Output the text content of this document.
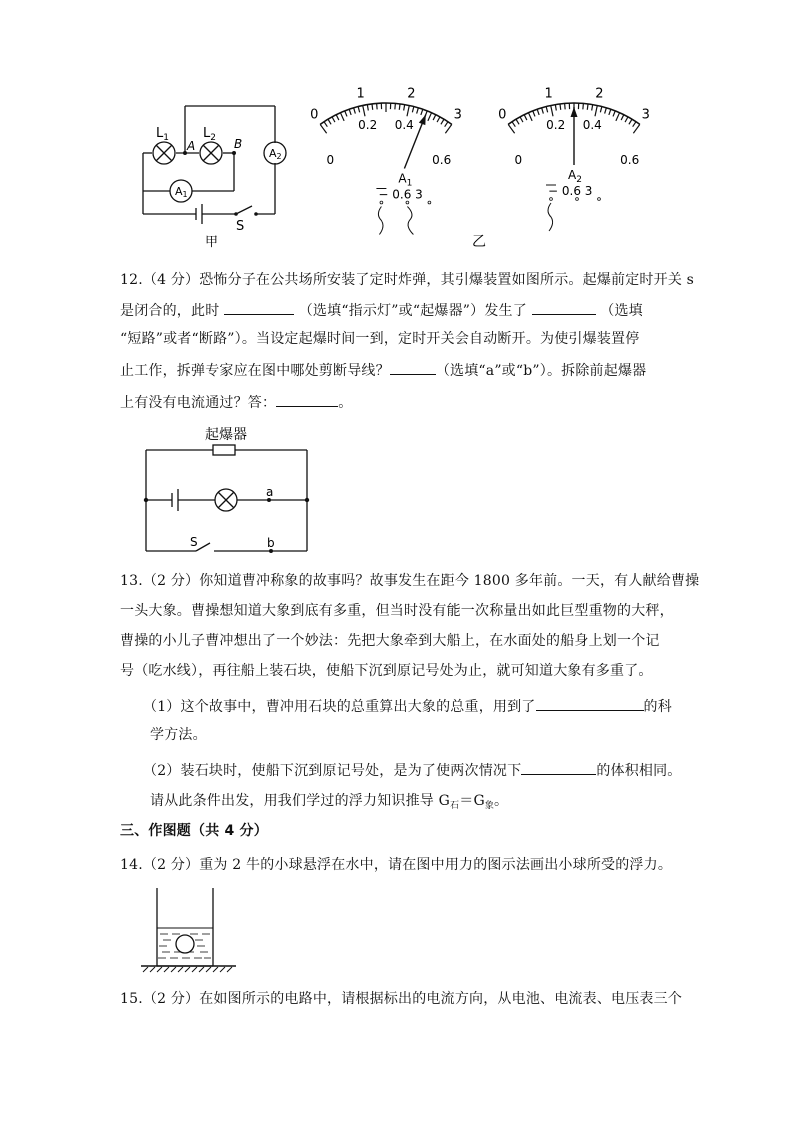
$L_1$	$L_2$
A	B
A1
A2
S
甲
0
1	2
3
0
0.2 0.4
0.6
$A_1$
− 0.6 3
0
1	2
3
0
0.2 0.4
0.6
$A_2$
− 0.6 3
乙
12.（4 分）恐怖分子在公共场所安装了定时炸弹，其引爆装置如图所示。起爆前定时开关 s
是闭合的，此时	（选填“指示灯”或“起爆器”）发生了	（选填
“短路”或者“断路”）。当设定起爆时间一到，定时开关会自动断开。为使引爆装置停
止工作，拆弹专家应在图中哪处剪断导线？	（选填“a”或“b”）。拆除前起爆器
上有没有电流通过？答：	。
起爆器
a
b
S
13.（2 分）你知道曹冲称象的故事吗？故事发生在距今 1800 多年前。一天，有人献给曹操
一头大象。曹操想知道大象到底有多重，但当时没有能一次称量出如此巨型重物的大秤，
曹操的小儿子曹冲想出了一个妙法：先把大象牵到大船上，在水面处的船身上划一个记
号（吃水线），再往船上装石块，使船下沉到原记号处为止，就可知道大象有多重了。
（1）这个故事中，曹冲用石块的总重算出大象的总重，用到了	的科
学方法。
（2）装石块时，使船下沉到原记号处，是为了使两次情况下	的体积相同。
请从此条件出发，用我们学过的浮力知识推导 $G_石=G_象$。
三、作图题（共 4 分）
14.（2 分）重为 2 牛的小球悬浮在水中，请在图中用力的图示法画出小球所受的浮力。
15.（2 分）在如图所示的电路中，请根据标出的电流方向，从电池、电流表、电压表三个
